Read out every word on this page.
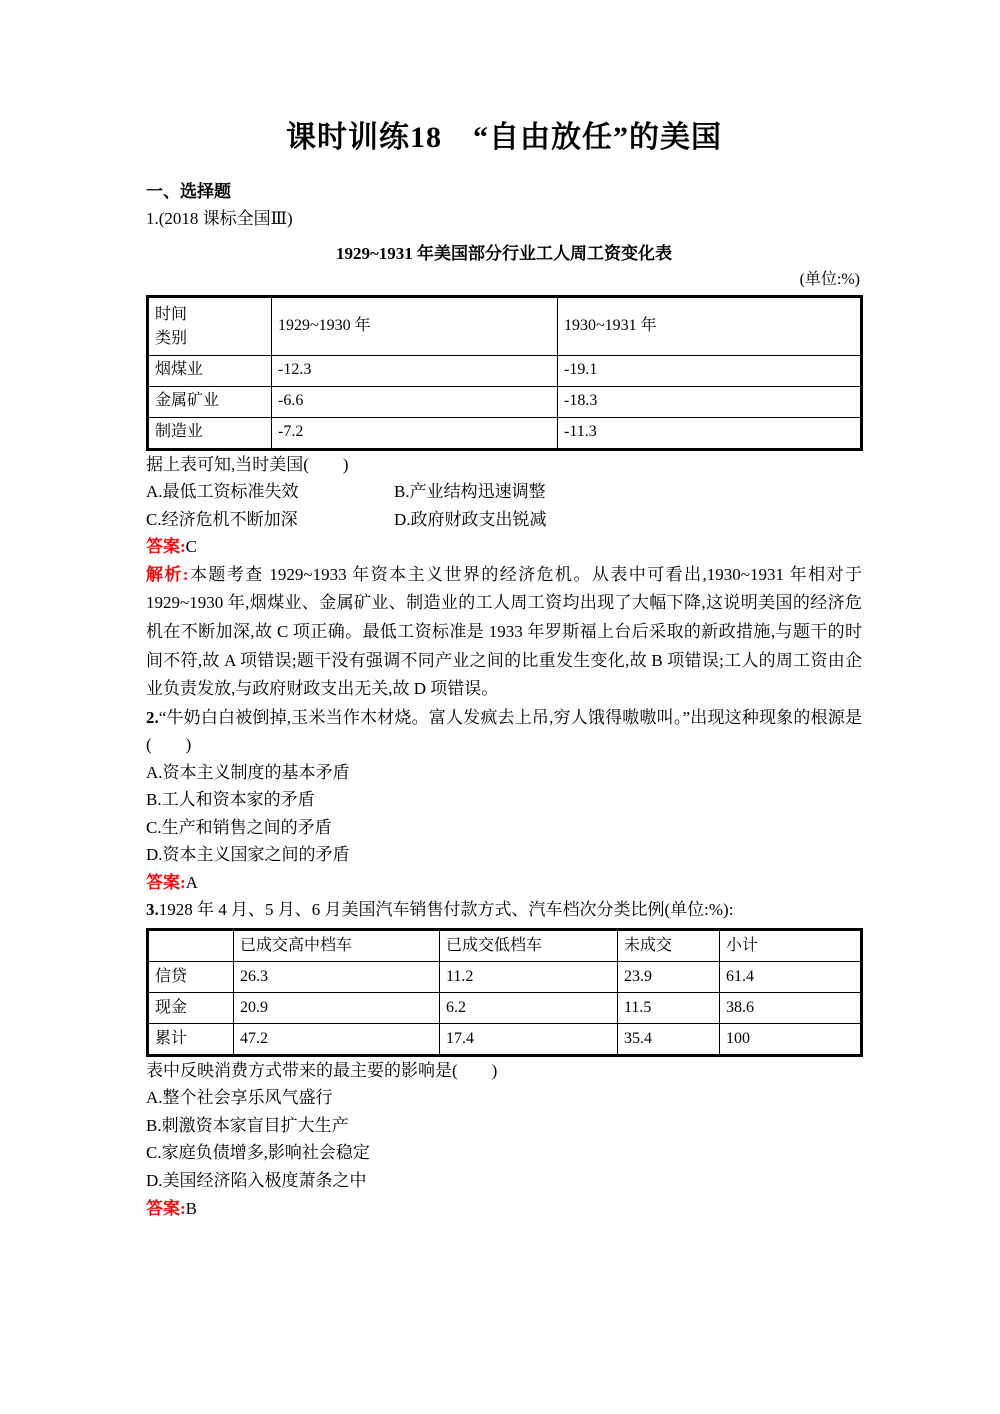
课时训练18　“自由放任”的美国
一、选择题
1.(2018 课标全国Ⅲ)
1929~1931 年美国部分行业工人周工资变化表
(单位:%)
时间
类别	1929~1930 年	1930~1931 年
烟煤业	-12.3	-19.1
金属矿业	-6.6	-18.3
制造业	-7.2	-11.3
据上表可知,当时美国(　　)
A.最低工资标准失效	B.产业结构迅速调整
C.经济危机不断加深	D.政府财政支出锐减
答案:C
解析:本题考查 1929~1933 年资本主义世界的经济危机。从表中可看出,1930~1931 年相对于 1929~1930 年,烟煤业、金属矿业、制造业的工人周工资均出现了大幅下降,这说明美国的经济危机在不断加深,故 C 项正确。最低工资标准是 1933 年罗斯福上台后采取的新政措施,与题干的时间不符,故 A 项错误;题干没有强调不同产业之间的比重发生变化,故 B 项错误;工人的周工资由企业负责发放,与政府财政支出无关,故 D 项错误。
2.“牛奶白白被倒掉,玉米当作木材烧。富人发疯去上吊,穷人饿得嗷嗷叫。”出现这种现象的根源是(　　)
A.资本主义制度的基本矛盾
B.工人和资本家的矛盾
C.生产和销售之间的矛盾
D.资本主义国家之间的矛盾
答案:A
3.1928 年 4 月、5 月、6 月美国汽车销售付款方式、汽车档次分类比例(单位:%):
	已成交高中档车	已成交低档车	未成交	小计
信贷	26.3	11.2	23.9	61.4
现金	20.9	6.2	11.5	38.6
累计	47.2	17.4	35.4	100
表中反映消费方式带来的最主要的影响是(　　)
A.整个社会享乐风气盛行
B.刺激资本家盲目扩大生产
C.家庭负债增多,影响社会稳定
D.美国经济陷入极度萧条之中
答案:B
